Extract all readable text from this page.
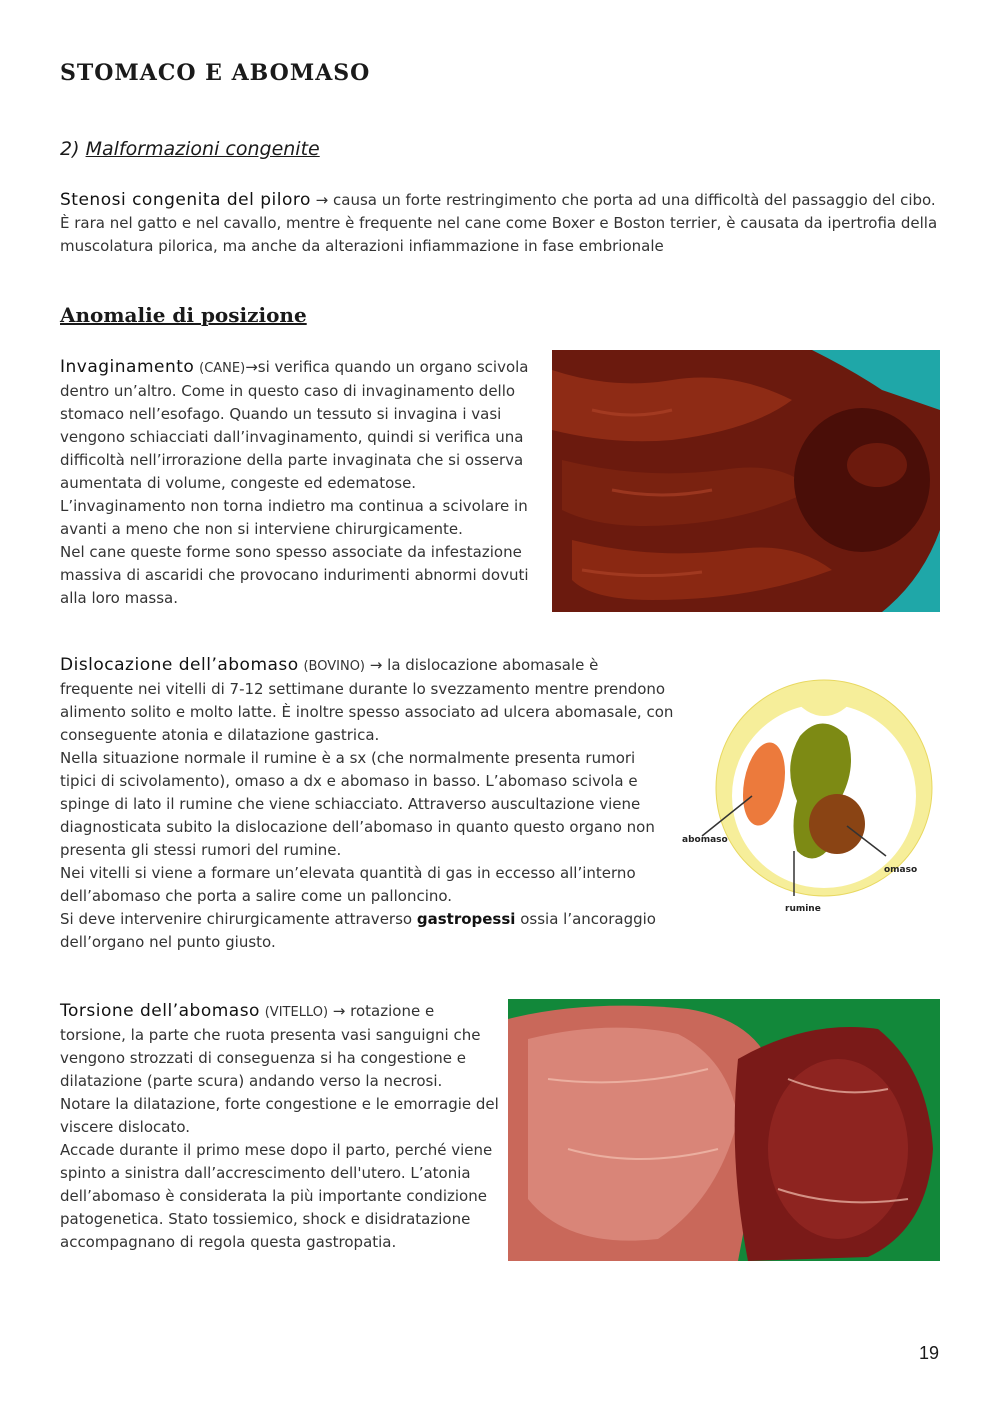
STOMACO E ABOMASO
2) Malformazioni congenite
Stenosi congenita del piloro → causa un forte restringimento che porta ad una difficoltà del passaggio del cibo. È rara nel gatto e nel cavallo, mentre è frequente nel cane come Boxer e Boston terrier, è causata da ipertrofia della muscolatura pilorica, ma anche da alterazioni infiammazione in fase embrionale
Anomalie di posizione
Invaginamento (CANE)→si verifica quando un organo scivola dentro un’altro. Come in questo caso di invaginamento dello stomaco nell’esofago. Quando un tessuto si invagina i vasi vengono schiacciati dall’invaginamento, quindi si verifica una difficoltà nell’irrorazione della parte invaginata che si osserva aumentata di volume, congeste ed edematose. L’invaginamento non torna indietro ma continua a scivolare in avanti a meno che non si interviene chirurgicamente.
Nel cane queste forme sono spesso associate da infestazione massiva di ascaridi che provocano indurimenti abnormi dovuti alla loro massa.
Dislocazione dell’abomaso (BOVINO) → la dislocazione abomasale è frequente nei vitelli di 7-12 settimane durante lo svezzamento mentre prendono alimento solito e molto latte. È inoltre spesso associato ad ulcera abomasale, con conseguente atonia e dilatazione gastrica.
Nella situazione normale il rumine è a sx (che normalmente presenta rumori tipici di scivolamento), omaso a dx e abomaso in basso. L’abomaso scivola e spinge di lato il rumine che viene schiacciato. Attraverso auscultazione viene diagnosticata subito la dislocazione dell’abomaso in quanto questo organo non presenta gli stessi rumori del rumine.
Nei vitelli si viene a formare un’elevata quantità di gas in eccesso all’interno dell’abomaso che porta a salire come un palloncino.
Si deve intervenire chirurgicamente attraverso gastropessi ossia l’ancoraggio dell’organo nel punto giusto.
abomaso
omaso
rumine
Torsione dell’abomaso (VITELLO) → rotazione e torsione, la parte che ruota presenta vasi sanguigni che vengono strozzati di conseguenza si ha congestione e dilatazione (parte scura) andando verso la necrosi.
Notare la dilatazione, forte congestione e le emorragie del viscere dislocato.
Accade durante il primo mese dopo il parto, perché viene spinto a sinistra dall’accrescimento dell'utero. L’atonia dell’abomaso è considerata la più importante condizione patogenetica. Stato tossiemico, shock e disidratazione accompagnano di regola questa gastropatia.
19
